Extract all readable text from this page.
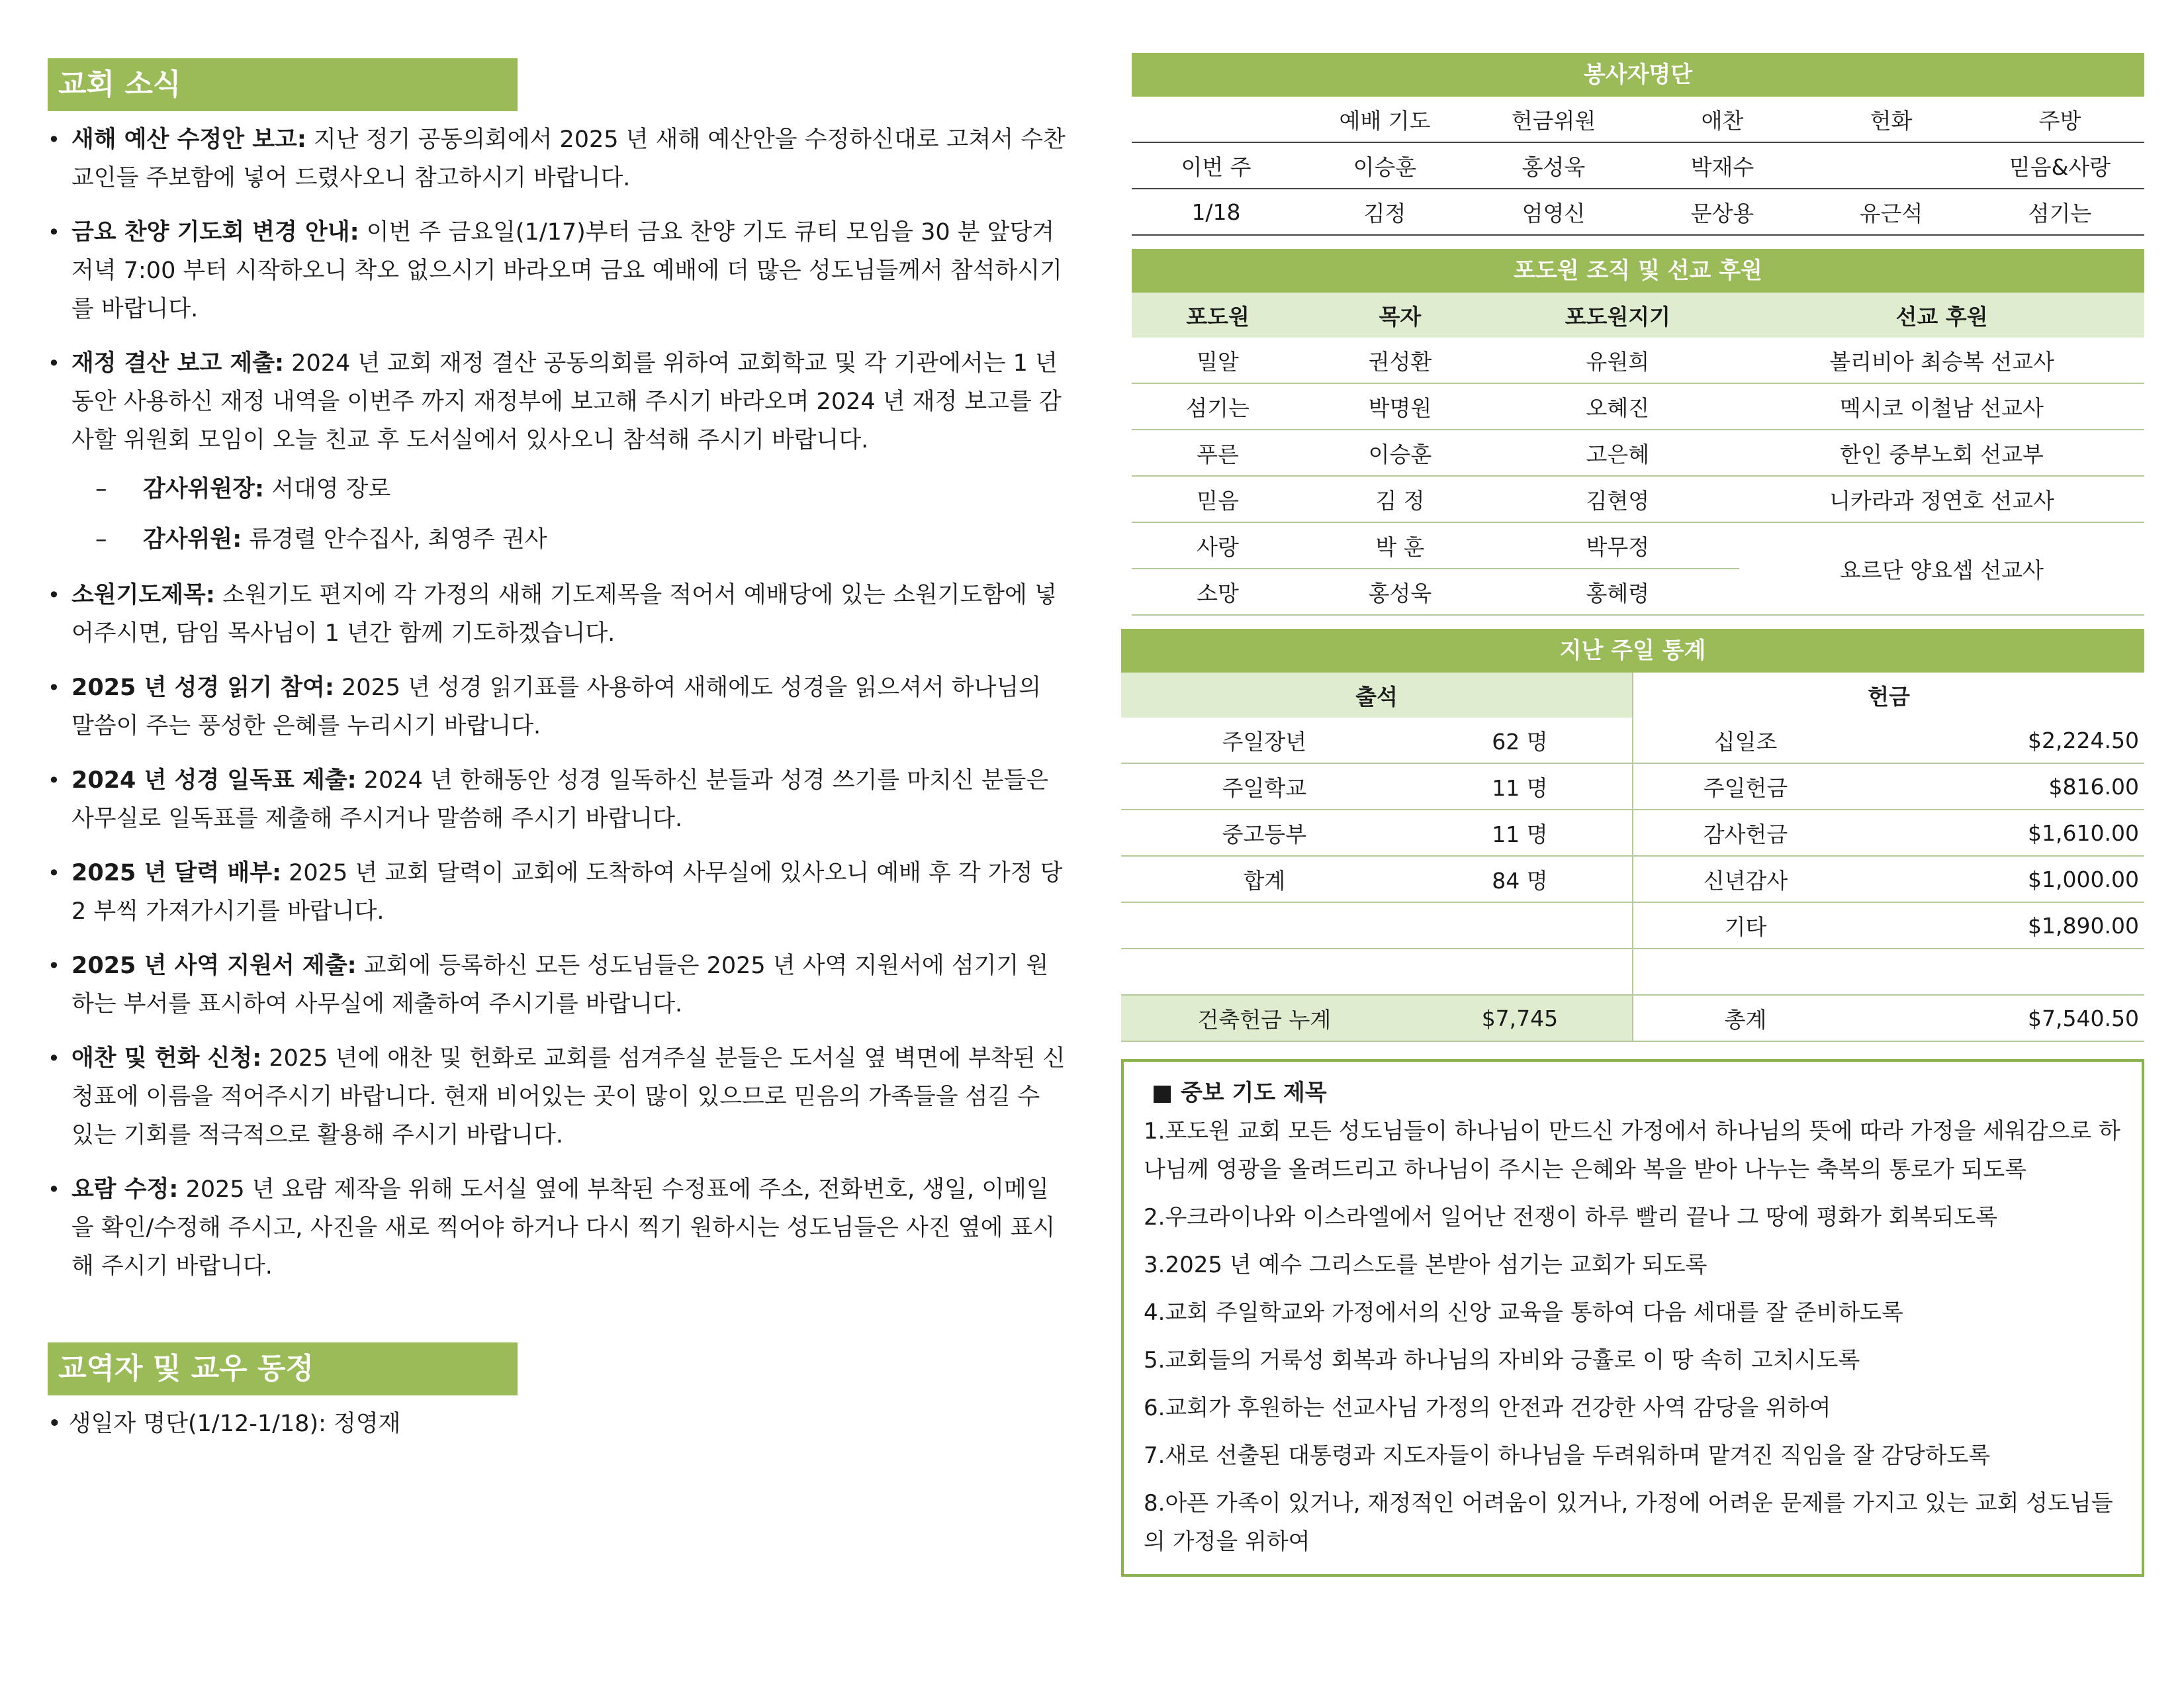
교회 소식
• 새해 예산 수정안 보고: 지난 정기 공동의회에서 2025 년 새해 예산안을 수정하신대로 고쳐서 수찬교인들 주보함에 넣어 드렸사오니 참고하시기 바랍니다.
• 금요 찬양 기도회 변경 안내: 이번 주 금요일(1/17)부터 금요 찬양 기도 큐티 모임을 30 분 앞당겨 저녁 7:00 부터 시작하오니 착오 없으시기 바라오며 금요 예배에 더 많은 성도님들께서 참석하시기를 바랍니다.
• 재정 결산 보고 제출: 2024 년 교회 재정 결산 공동의회를 위하여 교회학교 및 각 기관에서는 1 년 동안 사용하신 재정 내역을 이번주 까지 재정부에 보고해 주시기 바라오며 2024 년 재정 보고를 감사할 위원회 모임이 오늘 친교 후 도서실에서 있사오니 참석해 주시기 바랍니다.
– 감사위원장: 서대영 장로
– 감사위원: 류경렬 안수집사, 최영주 권사
• 소원기도제목: 소원기도 편지에 각 가정의 새해 기도제목을 적어서 예배당에 있는 소원기도함에 넣어주시면, 담임 목사님이 1 년간 함께 기도하겠습니다.
• 2025 년 성경 읽기 참여: 2025 년 성경 읽기표를 사용하여 새해에도 성경을 읽으셔서 하나님의 말씀이 주는 풍성한 은혜를 누리시기 바랍니다.
• 2024 년 성경 일독표 제출: 2024 년 한해동안 성경 일독하신 분들과 성경 쓰기를 마치신 분들은 사무실로 일독표를 제출해 주시거나 말씀해 주시기 바랍니다.
• 2025 년 달력 배부: 2025 년 교회 달력이 교회에 도착하여 사무실에 있사오니 예배 후 각 가정 당 2 부씩 가져가시기를 바랍니다.
• 2025 년 사역 지원서 제출: 교회에 등록하신 모든 성도님들은 2025 년 사역 지원서에 섬기기 원하는 부서를 표시하여 사무실에 제출하여 주시기를 바랍니다.
• 애찬 및 헌화 신청: 2025 년에 애찬 및 헌화로 교회를 섬겨주실 분들은 도서실 옆 벽면에 부착된 신청표에 이름을 적어주시기 바랍니다. 현재 비어있는 곳이 많이 있으므로 믿음의 가족들을 섬길 수 있는 기회를 적극적으로 활용해 주시기 바랍니다.
• 요람 수정: 2025 년 요람 제작을 위해 도서실 옆에 부착된 수정표에 주소, 전화번호, 생일, 이메일을 확인/수정해 주시고, 사진을 새로 찍어야 하거나 다시 찍기 원하시는 성도님들은 사진 옆에 표시해 주시기 바랍니다.
교역자 및 교우 동정
• 생일자 명단(1/12-1/18): 정영재
봉사자명단
	예배 기도	헌금위원	애찬	헌화	주방
이번 주	이승훈	홍성욱	박재수		믿음&사랑
1/18	김정	엄영신	문상용	유근석	섬기는
포도원 조직 및 선교 후원
포도원	목자	포도원지기	선교 후원
밀알	권성환	유원희	볼리비아 최승복 선교사
섬기는	박명원	오혜진	멕시코 이철남 선교사
푸른	이승훈	고은혜	한인 중부노회 선교부
믿음	김 정	김현영	니카라과 정연호 선교사
사랑	박 훈	박무정	요르단 양요셉 선교사
소망	홍성욱	홍혜령	
지난 주일 통계
출석		헌금	
주일장년	62 명	십일조	$2,224.50
주일학교	11 명	주일헌금	$816.00
중고등부	11 명	감사헌금	$1,610.00
합계	84 명	신년감사	$1,000.00
		기타	$1,890.00

건축헌금 누계	$7,745	총계	$7,540.50
■ 중보 기도 제목
1.포도원 교회 모든 성도님들이 하나님이 만드신 가정에서 하나님의 뜻에 따라 가정을 세워감으로 하나님께 영광을 올려드리고 하나님이 주시는 은혜와 복을 받아 나누는 축복의 통로가 되도록
2.우크라이나와 이스라엘에서 일어난 전쟁이 하루 빨리 끝나 그 땅에 평화가 회복되도록
3.2025 년 예수 그리스도를 본받아 섬기는 교회가 되도록
4.교회 주일학교와 가정에서의 신앙 교육을 통하여 다음 세대를 잘 준비하도록
5.교회들의 거룩성 회복과 하나님의 자비와 긍휼로 이 땅 속히 고치시도록
6.교회가 후원하는 선교사님 가정의 안전과 건강한 사역 감당을 위하여
7.새로 선출된 대통령과 지도자들이 하나님을 두려워하며 맡겨진 직임을 잘 감당하도록
8.아픈 가족이 있거나, 재정적인 어려움이 있거나, 가정에 어려운 문제를 가지고 있는 교회 성도님들의 가정을 위하여
